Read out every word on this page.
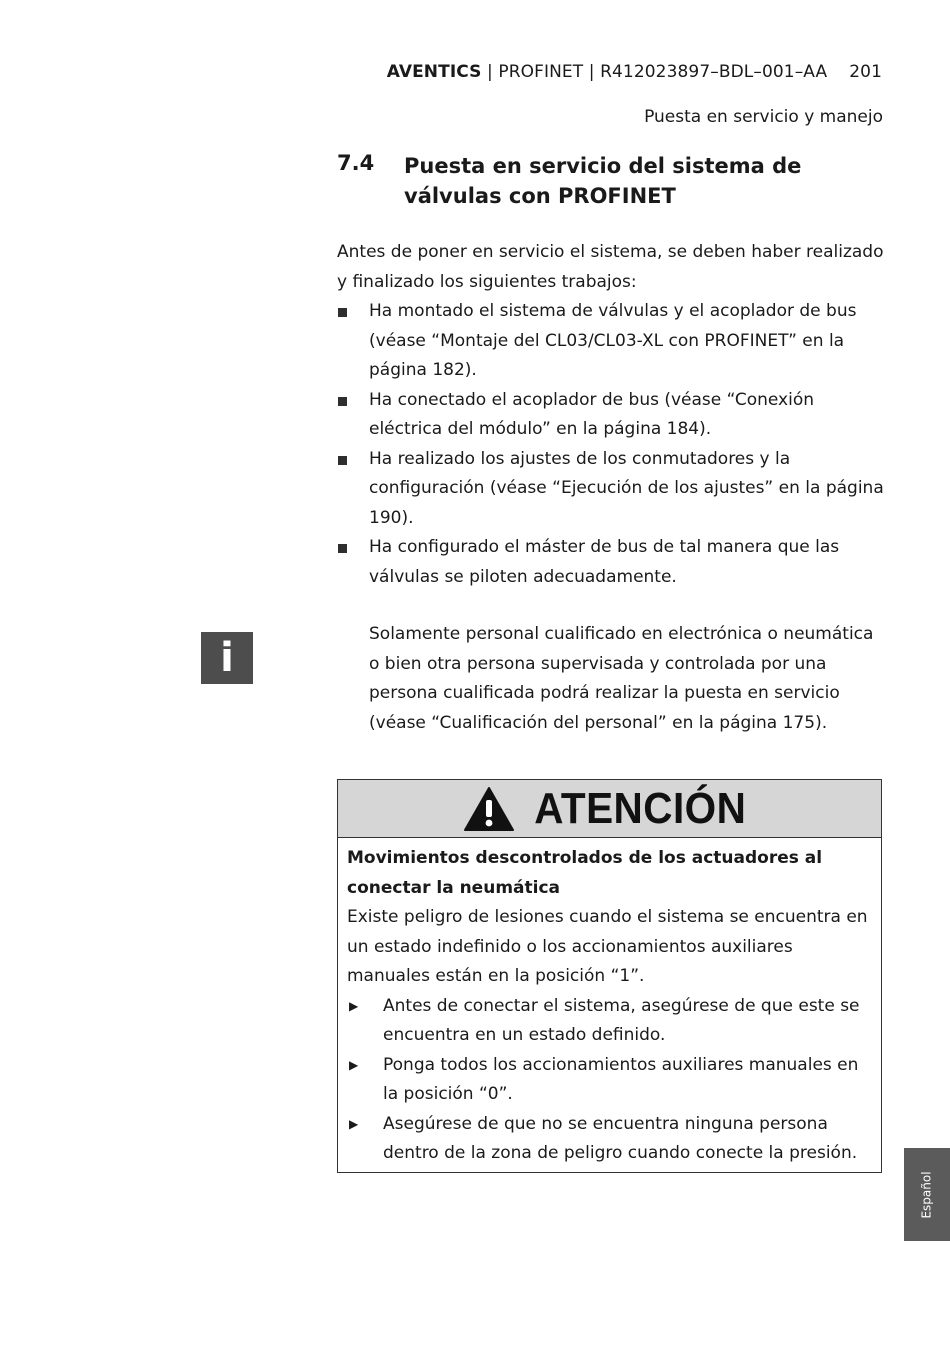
AVENTICS | PROFINET | R412023897–BDL–001–AA 201
Puesta en servicio y manejo
7.4 Puesta en servicio del sistema de válvulas con PROFINET
Antes de poner en servicio el sistema, se deben haber realizado y finalizado los siguientes trabajos:
Ha montado el sistema de válvulas y el acoplador de bus (véase “Montaje del CL03/CL03-XL con PROFINET” en la página 182).
Ha conectado el acoplador de bus (véase “Conexión eléctrica del módulo” en la página 184).
Ha realizado los ajustes de los conmutadores y la configuración (véase “Ejecución de los ajustes” en la página 190).
Ha configurado el máster de bus de tal manera que las válvulas se piloten adecuadamente.
i
Solamente personal cualificado en electrónica o neumática o bien otra persona supervisada y controlada por una persona cualificada podrá realizar la puesta en servicio (véase “Cualificación del personal” en la página 175).
ATENCIÓN
Movimientos descontrolados de los actuadores al conectar la neumática
Existe peligro de lesiones cuando el sistema se encuentra en un estado indefinido o los accionamientos auxiliares manuales están en la posición “1”.
▶ Antes de conectar el sistema, asegúrese de que este se encuentra en un estado definido.
▶ Ponga todos los accionamientos auxiliares manuales en la posición “0”.
▶ Asegúrese de que no se encuentra ninguna persona dentro de la zona de peligro cuando conecte la presión.
Español
